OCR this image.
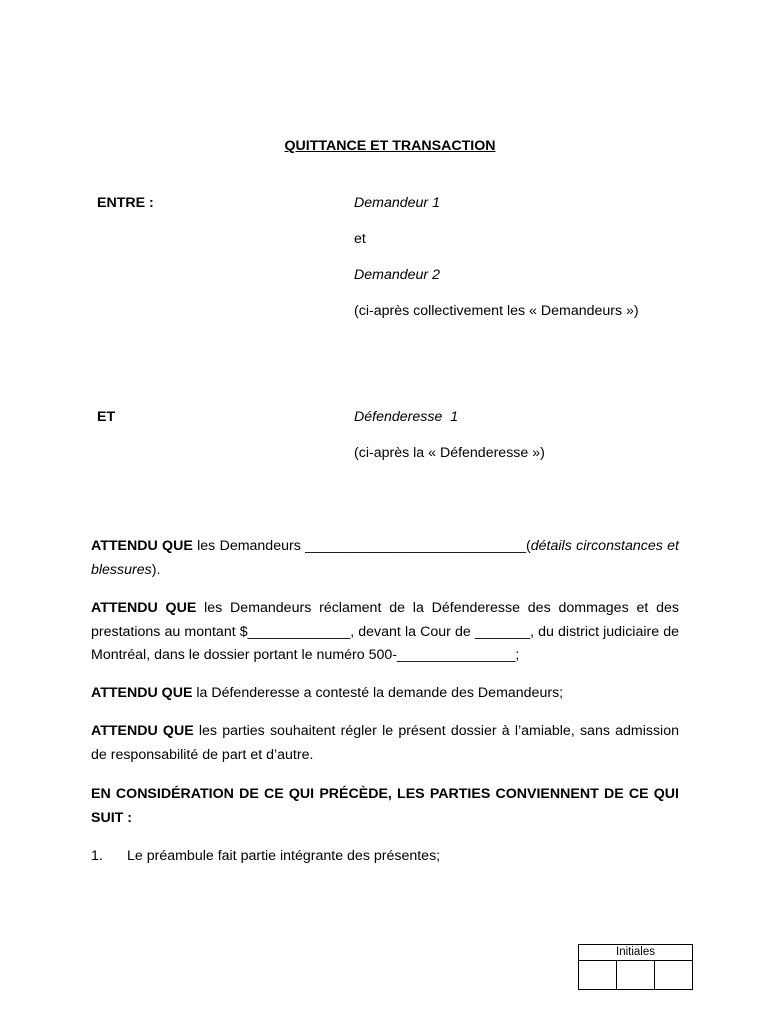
QUITTANCE ET TRANSACTION
ENTRE :	Demandeur 1
et
Demandeur 2
(ci-après collectivement les « Demandeurs »)
ET	Défenderesse  1
(ci-après la « Défenderesse »)

ATTENDU QUE les Demandeurs ____________________________(détails circonstances et blessures).

ATTENDU QUE les Demandeurs réclament de la Défenderesse des dommages et des prestations au montant $_____________, devant la Cour de _______, du district judiciaire de Montréal, dans le dossier portant le numéro 500-_______________;

ATTENDU QUE la Défenderesse a contesté la demande des Demandeurs;

ATTENDU QUE les parties souhaitent régler le présent dossier à l’amiable, sans admission de responsabilité de part et d’autre.

EN CONSIDÉRATION DE CE QUI PRÉCÈDE, LES PARTIES CONVIENNENT DE CE QUI SUIT :

1. Le préambule fait partie intégrante des présentes;
Initiales
